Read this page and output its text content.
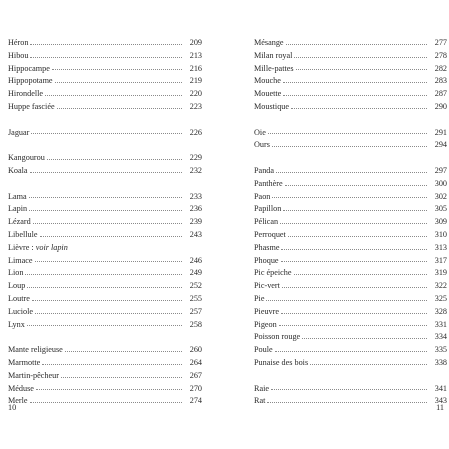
Héron	209
Hibou	213
Hippocampe	216
Hippopotame	219
Hirondelle	220
Huppe fasciée	223
Jaguar	226
Kangourou	229
Koala	232
Lama	233
Lapin	236
Lézard	239
Libellule	243
Lièvre : voir lapin
Limace	246
Lion	249
Loup	252
Loutre	255
Luciole	257
Lynx	258
Mante religieuse	260
Marmotte	264
Martin-pêcheur	267
Méduse	270
Merle	274
10
Mésange	277
Milan royal	278
Mille-pattes	282
Mouche	283
Mouette	287
Moustique	290
Oie	291
Ours	294
Panda	297
Panthère	300
Paon	302
Papillon	305
Pélican	309
Perroquet	310
Phasme	313
Phoque	317
Pic épeiche	319
Pic-vert	322
Pie	325
Pieuvre	328
Pigeon	331
Poisson rouge	334
Poule	335
Punaise des bois	338
Raie	341
Rat	343
11
